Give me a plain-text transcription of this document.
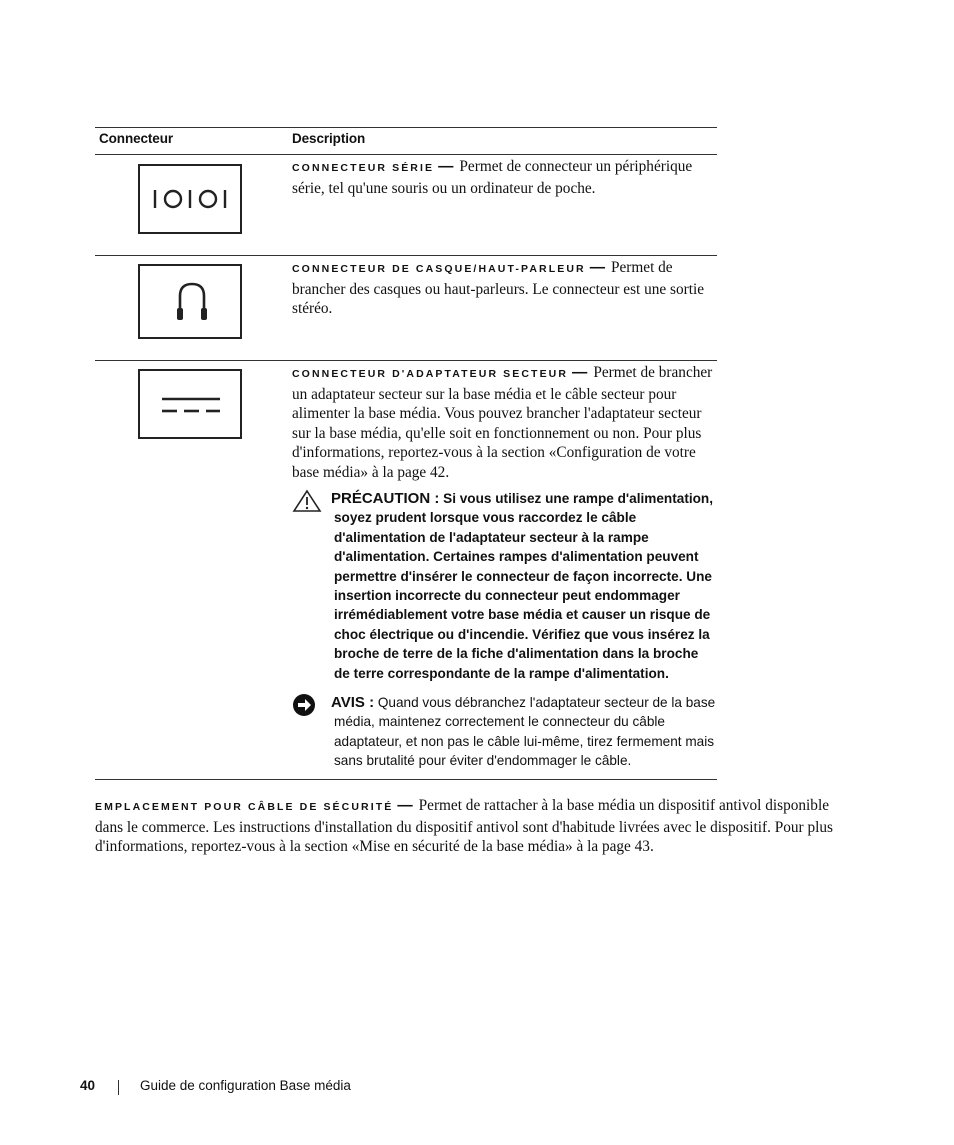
Connecteur	Description
CONNECTEUR SÉRIE — Permet de connecteur un périphérique série, tel qu'une souris ou un ordinateur de poche.
CONNECTEUR DE CASQUE/HAUT-PARLEUR — Permet de brancher des casques ou haut-parleurs. Le connecteur est une sortie stéréo.
CONNECTEUR D'ADAPTATEUR SECTEUR — Permet de brancher un adaptateur secteur sur la base média et le câble secteur pour alimenter la base média. Vous pouvez brancher l'adaptateur secteur sur la base média, qu'elle soit en fonctionnement ou non. Pour plus d'informations, reportez-vous à la section «Configuration de votre base média» à la page 42.
PRÉCAUTION : Si vous utilisez une rampe d'alimentation, soyez prudent lorsque vous raccordez le câble d'alimentation de l'adaptateur secteur à la rampe d'alimentation. Certaines rampes d'alimentation peuvent permettre d'insérer le connecteur de façon incorrecte. Une insertion incorrecte du connecteur peut endommager irrémédiablement votre base média et causer un risque de choc électrique ou d'incendie. Vérifiez que vous insérez la broche de terre de la fiche d'alimentation dans la broche de terre correspondante de la rampe d'alimentation.
AVIS : Quand vous débranchez l'adaptateur secteur de la base média, maintenez correctement le connecteur du câble adaptateur, et non pas le câble lui-même, tirez fermement mais sans brutalité pour éviter d'endommager le câble.
EMPLACEMENT POUR CÂBLE DE SÉCURITÉ — Permet de rattacher à la base média un dispositif antivol disponible dans le commerce. Les instructions d'installation du dispositif antivol sont d'habitude livrées avec le dispositif. Pour plus d'informations, reportez-vous à la section «Mise en sécurité de la base média» à la page 43.
40	Guide de configuration Base média
